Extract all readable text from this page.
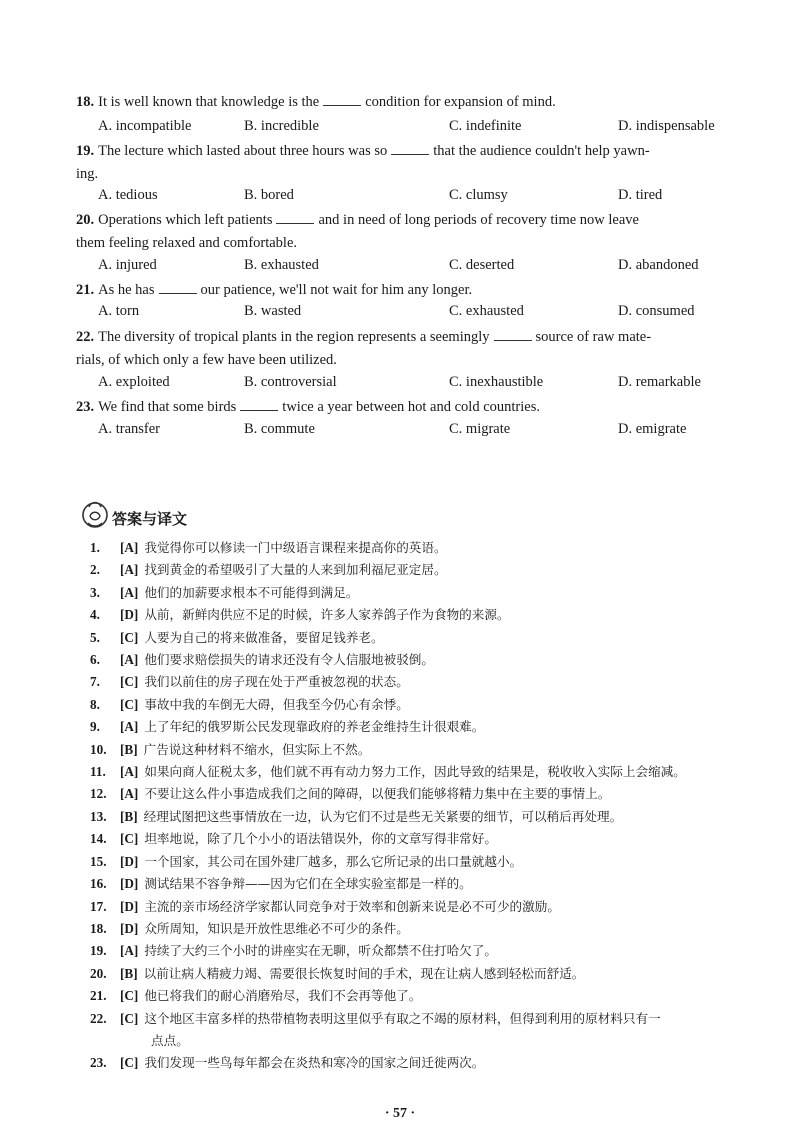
18. It is well known that knowledge is the	condition for expansion of mind.
A. incompatible	B. incredible	C. indefinite	D. indispensable
19. The lecture which lasted about three hours was so	that the audience couldn't help yawn-
ing.
A. tedious	B. bored	C. clumsy	D. tired
20. Operations which left patients	and in need of long periods of recovery time now leave
them feeling relaxed and comfortable.
A. injured	B. exhausted	C. deserted	D. abandoned
21. As he has	our patience, we'll not wait for him any longer.
A. torn	B. wasted	C. exhausted	D. consumed
22. The diversity of tropical plants in the region represents a seemingly	source of raw mate-
rials, of which only a few have been utilized.
A. exploited	B. controversial	C. inexhaustible	D. remarkable
23. We find that some birds	twice a year between hot and cold countries.
A. transfer	B. commute	C. migrate	D. emigrate
答案与译文
1. [A] 我觉得你可以修读一门中级语言课程来提高你的英语。
2. [A] 找到黄金的希望吸引了大量的人来到加利福尼亚定居。
3. [A] 他们的加薪要求根本不可能得到满足。
4. [D] 从前，新鲜肉供应不足的时候，许多人家养鸽子作为食物的来源。
5. [C] 人要为自己的将来做准备，要留足钱养老。
6. [A] 他们要求赔偿损失的请求还没有令人信服地被驳倒。
7. [C] 我们以前住的房子现在处于严重被忽视的状态。
8. [C] 事故中我的车倒无大碍，但我至今仍心有余悸。
9. [A] 上了年纪的俄罗斯公民发现靠政府的养老金维持生计很艰难。
10. [B] 广告说这种材料不缩水，但实际上不然。
11. [A] 如果向商人征税太多，他们就不再有动力努力工作，因此导致的结果是，税收收入实际上会缩减。
12. [A] 不要让这么件小事造成我们之间的障碍，以便我们能够将精力集中在主要的事情上。
13. [B] 经理试图把这些事情放在一边，认为它们不过是些无关紧要的细节，可以稍后再处理。
14. [C] 坦率地说，除了几个小小的语法错误外，你的文章写得非常好。
15. [D] 一个国家，其公司在国外建厂越多，那么它所记录的出口量就越小。
16. [D] 测试结果不容争辩——因为它们在全球实验室都是一样的。
17. [D] 主流的亲市场经济学家都认同竞争对于效率和创新来说是必不可少的激励。
18. [D] 众所周知，知识是开放性思维必不可少的条件。
19. [A] 持续了大约三个小时的讲座实在无聊，听众都禁不住打哈欠了。
20. [B] 以前让病人精疲力竭、需要很长恢复时间的手术，现在让病人感到轻松而舒适。
21. [C] 他已将我们的耐心消磨殆尽，我们不会再等他了。
22. [C] 这个地区丰富多样的热带植物表明这里似乎有取之不竭的原材料，但得到利用的原材料只有一
点点。
23. [C] 我们发现一些鸟每年都会在炎热和寒冷的国家之间迁徙两次。
· 57 ·
